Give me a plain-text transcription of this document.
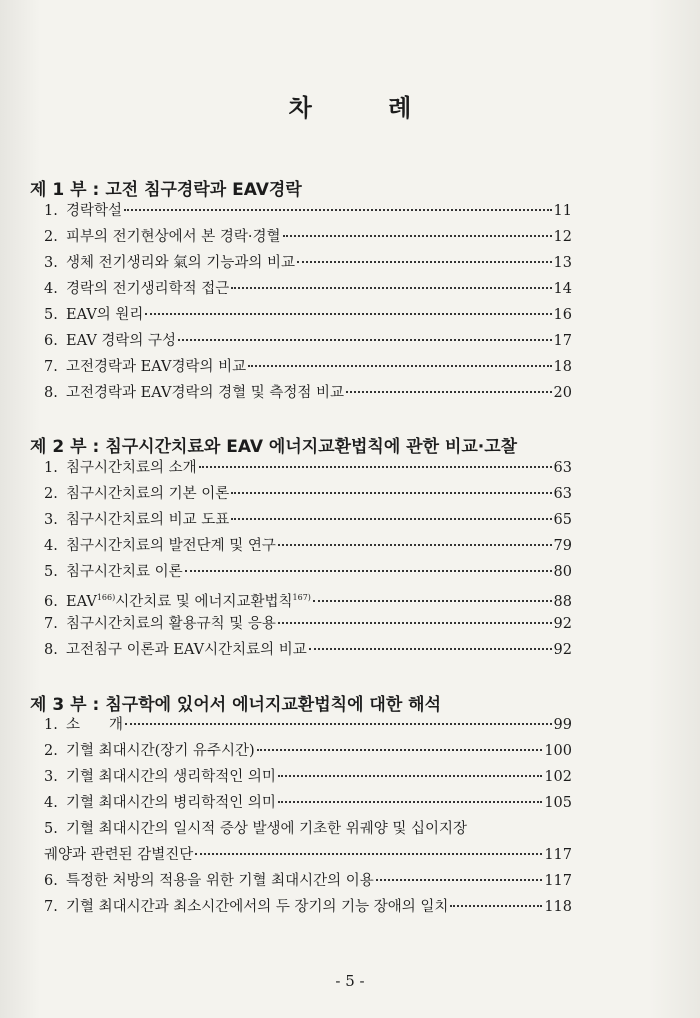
차 례
제 1 부 : 고전 침구경락과 EAV경락
1. 경락학설	11
2. 피부의 전기현상에서 본 경락·경혈	12
3. 생체 전기생리와 氣의 기능과의 비교	13
4. 경락의 전기생리학적 접근	14
5. EAV의 원리	16
6. EAV 경락의 구성	17
7. 고전경락과 EAV경락의 비교	18
8. 고전경락과 EAV경락의 경혈 및 측정점 비교	20
제 2 부 : 침구시간치료와 EAV 에너지교환법칙에 관한 비교·고찰
1. 침구시간치료의 소개	63
2. 침구시간치료의 기본 이론	63
3. 침구시간치료의 비교 도표	65
4. 침구시간치료의 발전단계 및 연구	79
5. 침구시간치료 이론	80
6. EAV$^{166)}$시간치료 및 에너지교환법칙$^{167)}$	88
7. 침구시간치료의 활용규칙 및 응용	92
8. 고전침구 이론과 EAV시간치료의 비교	92
제 3 부 : 침구학에 있어서 에너지교환법칙에 대한 해석
1. 소　　개	99
2. 기혈 최대시간(장기 유주시간)	100
3. 기혈 최대시간의 생리학적인 의미	102
4. 기혈 최대시간의 병리학적인 의미	105
5. 기혈 최대시간의 일시적 증상 발생에 기초한 위궤양 및 십이지장
궤양과 관련된 감별진단	117
6. 특정한 처방의 적용을 위한 기혈 최대시간의 이용	117
7. 기혈 최대시간과 최소시간에서의 두 장기의 기능 장애의 일치	118
- 5 -
